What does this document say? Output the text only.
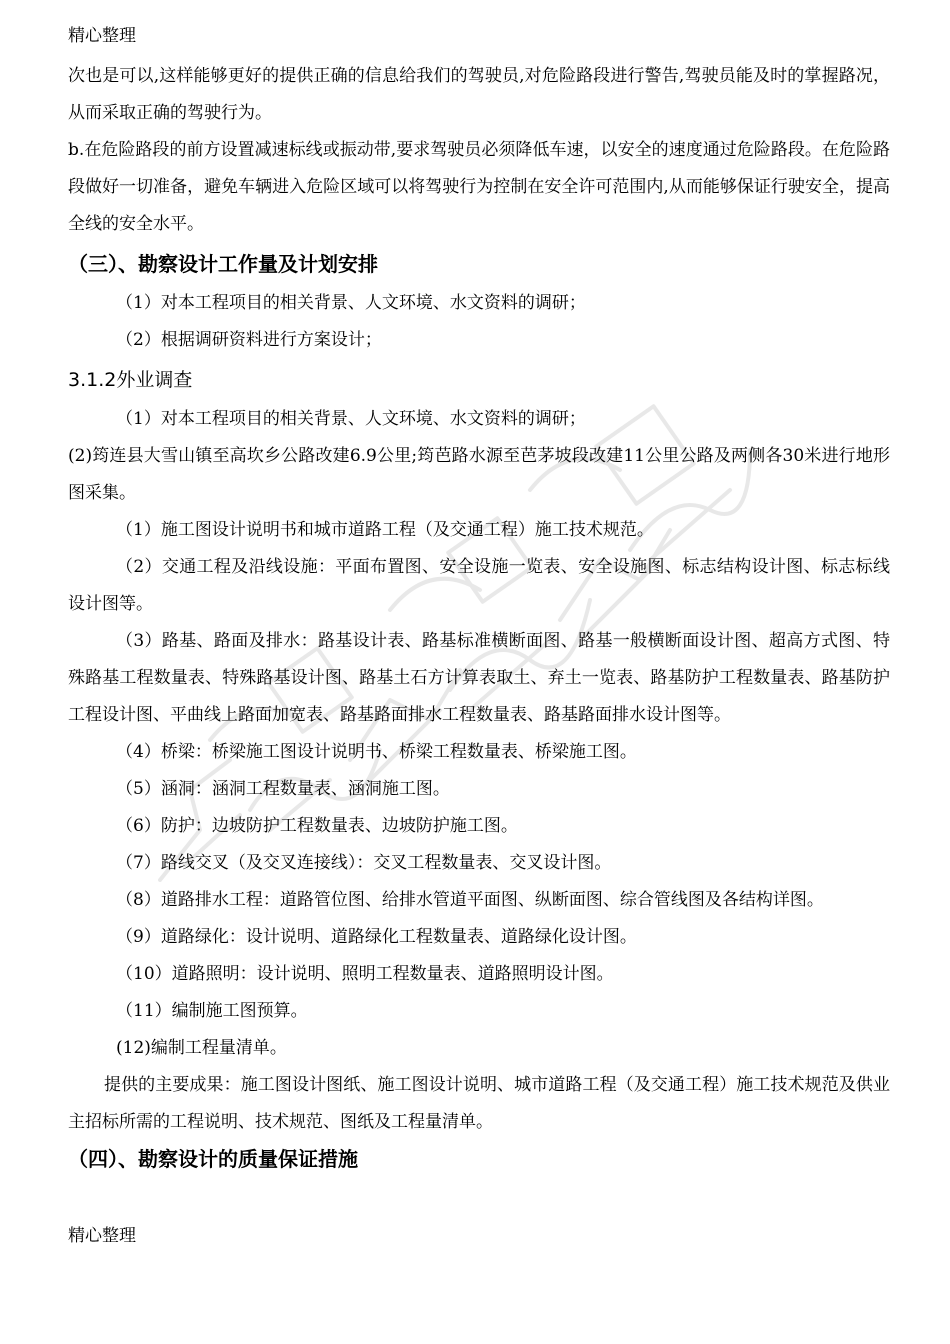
精心整理

次也是可以,这样能够更好的提供正确的信息给我们的驾驶员,对危险路段进行警告,驾驶员能及时的掌握路况，从而采取正确的驾驶行为。

b.在危险路段的前方设置减速标线或振动带,要求驾驶员必须降低车速，以安全的速度通过危险路段。在危险路段做好一切准备，避免车辆进入危险区域可以将驾驶行为控制在安全许可范围内,从而能够保证行驶安全，提高全线的安全水平。

（三）、勘察设计工作量及计划安排

（1）对本工程项目的相关背景、人文环境、水文资料的调研；

（2）根据调研资料进行方案设计；

3.1.2外业调查

（1）对本工程项目的相关背景、人文环境、水文资料的调研；

(2)筠连县大雪山镇至高坎乡公路改建6.9公里;筠芭路水源至芭茅坡段改建11公里公路及两侧各30米进行地形图采集。

（1）施工图设计说明书和城市道路工程（及交通工程）施工技术规范。

（2）交通工程及沿线设施：平面布置图、安全设施一览表、安全设施图、标志结构设计图、标志标线设计图等。

（3）路基、路面及排水：路基设计表、路基标准横断面图、路基一般横断面设计图、超高方式图、特殊路基工程数量表、特殊路基设计图、路基土石方计算表取土、弃土一览表、路基防护工程数量表、路基防护工程设计图、平曲线上路面加宽表、路基路面排水工程数量表、路基路面排水设计图等。

（4）桥梁：桥梁施工图设计说明书、桥梁工程数量表、桥梁施工图。

（5）涵洞：涵洞工程数量表、涵洞施工图。

（6）防护：边坡防护工程数量表、边坡防护施工图。

（7）路线交叉（及交叉连接线）：交叉工程数量表、交叉设计图。

（8）道路排水工程：道路管位图、给排水管道平面图、纵断面图、综合管线图及各结构详图。

（9）道路绿化：设计说明、道路绿化工程数量表、道路绿化设计图。

（10）道路照明：设计说明、照明工程数量表、道路照明设计图。

（11）编制施工图预算。

(12)编制工程量清单。

提供的主要成果：施工图设计图纸、施工图设计说明、城市道路工程（及交通工程）施工技术规范及供业主招标所需的工程说明、技术规范、图纸及工程量清单。

（四）、勘察设计的质量保证措施
精心整理
